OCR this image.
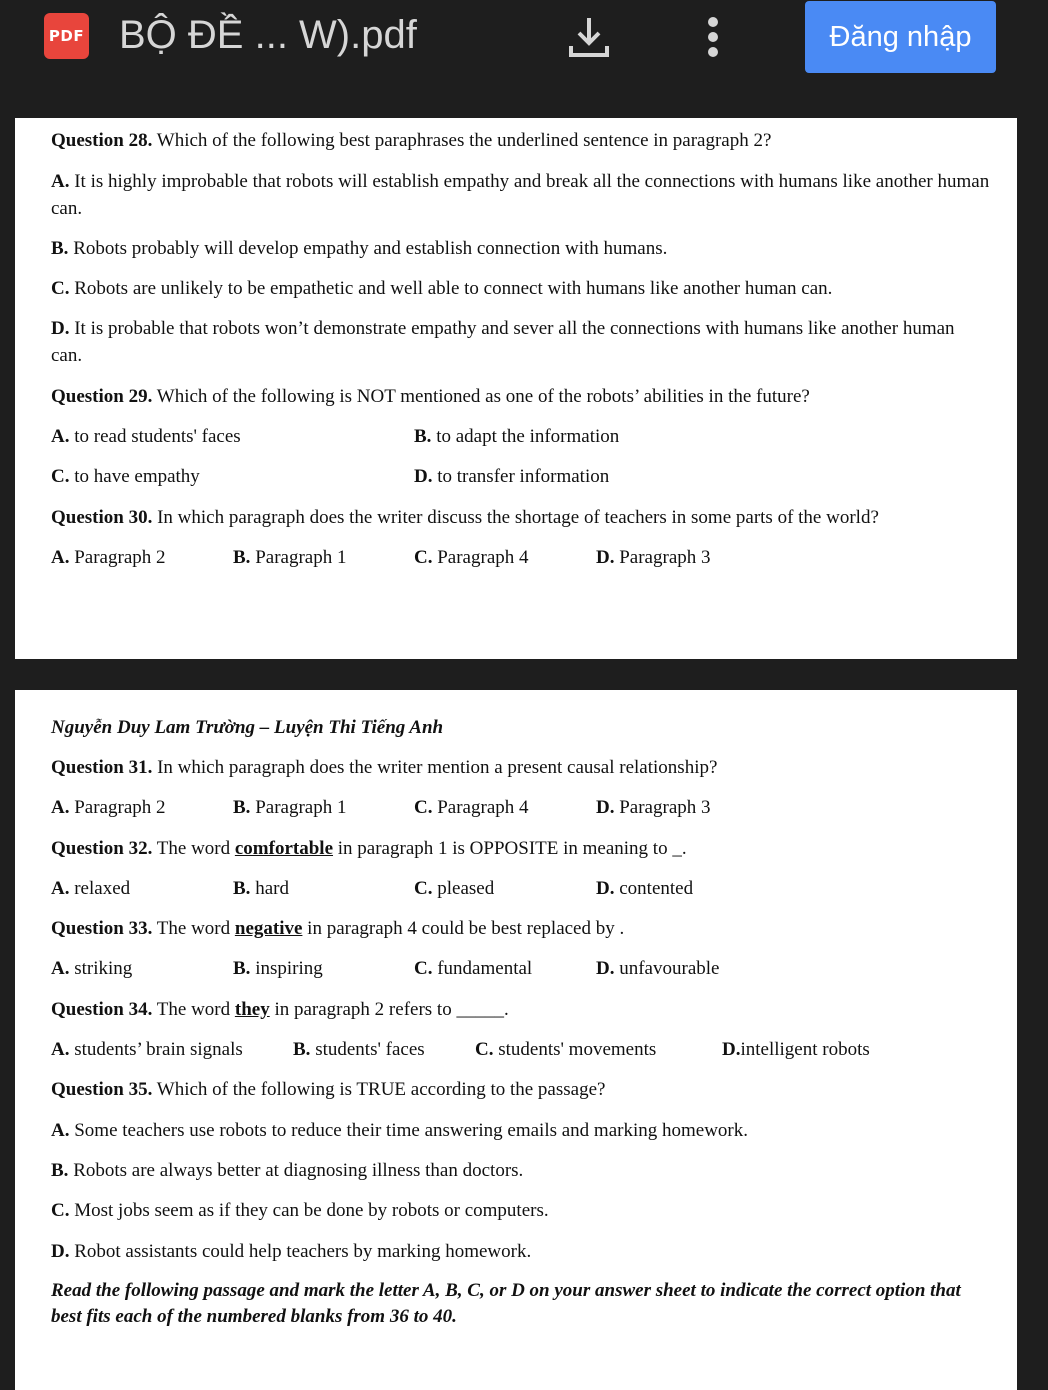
PDF BỘ ĐỀ ... W).pdf	Đăng nhập
Question 28. Which of the following best paraphrases the underlined sentence in paragraph 2?
A. It is highly improbable that robots will establish empathy and break all the connections with humans like another human can.
B. Robots probably will develop empathy and establish connection with humans.
C. Robots are unlikely to be empathetic and well able to connect with humans like another human can.
D. It is probable that robots won’t demonstrate empathy and sever all the connections with humans like another human can.
Question 29. Which of the following is NOT mentioned as one of the robots’ abilities in the future?
A. to read students' faces	B. to adapt the information
C. to have empathy	D. to transfer information
Question 30. In which paragraph does the writer discuss the shortage of teachers in some parts of the world?
A. Paragraph 2	B. Paragraph 1	C. Paragraph 4	D. Paragraph 3
Nguyễn Duy Lam Trường – Luyện Thi Tiếng Anh
Question 31. In which paragraph does the writer mention a present causal relationship?
A. Paragraph 2	B. Paragraph 1	C. Paragraph 4	D. Paragraph 3
Question 32. The word comfortable in paragraph 1 is OPPOSITE in meaning to _.
A. relaxed	B. hard	C. pleased	D. contented
Question 33. The word negative in paragraph 4 could be best replaced by .
A. striking	B. inspiring	C. fundamental	D. unfavourable
Question 34. The word they in paragraph 2 refers to _____.
A. students’ brain signals	B. students' faces	C. students' movements	D.intelligent robots
Question 35. Which of the following is TRUE according to the passage?
A. Some teachers use robots to reduce their time answering emails and marking homework.
B. Robots are always better at diagnosing illness than doctors.
C. Most jobs seem as if they can be done by robots or computers.
D. Robot assistants could help teachers by marking homework.
Read the following passage and mark the letter A, B, C, or D on your answer sheet to indicate the correct option that best fits each of the numbered blanks from 36 to 40.
